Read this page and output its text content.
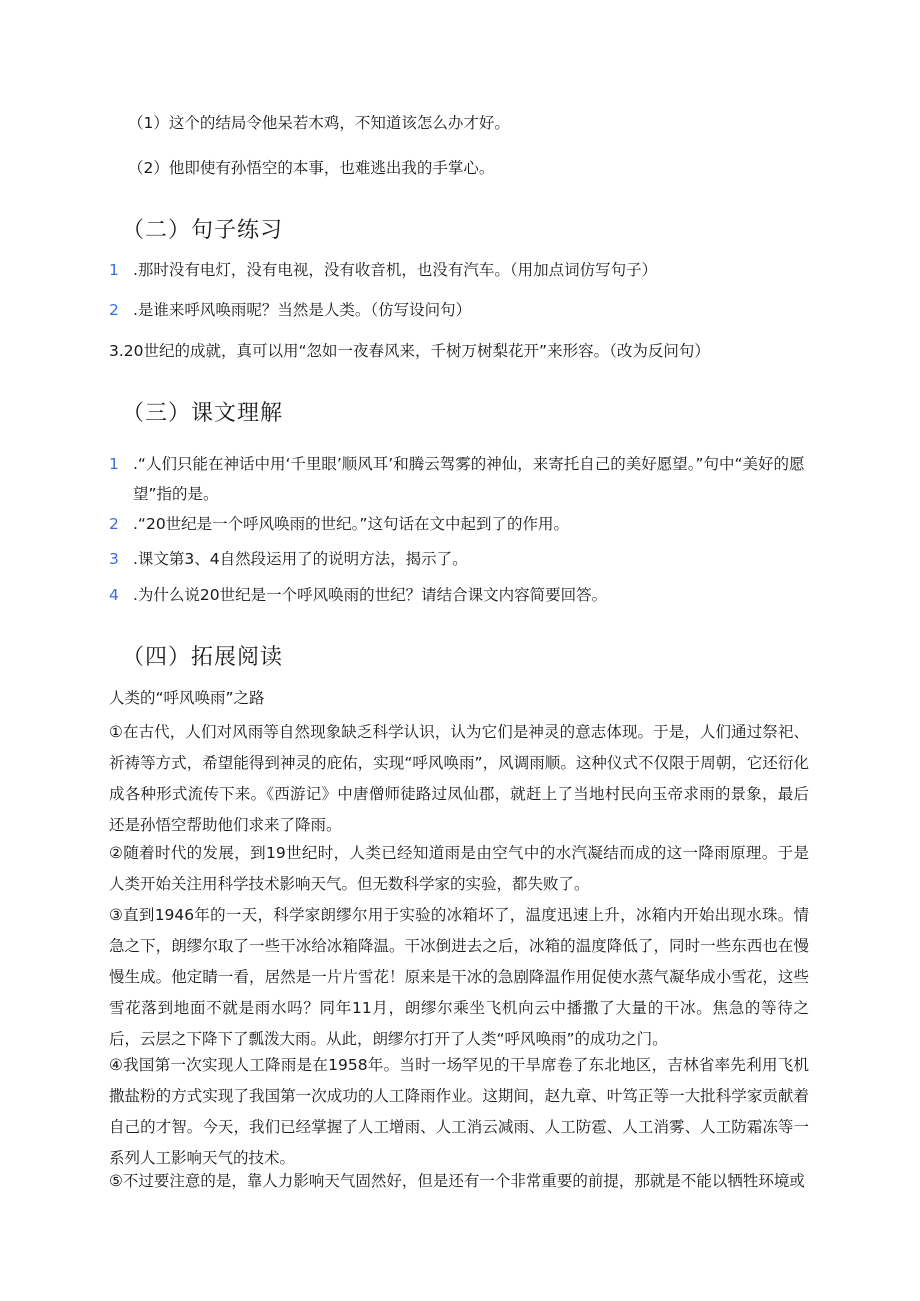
（1）这个的结局令他呆若木鸡，不知道该怎么办才好。
（2）他即使有孙悟空的本事，也难逃出我的手掌心。
（二）句子练习
1 .那时没有电灯，没有电视，没有收音机，也没有汽车。（用加点词仿写句子）
2 .是谁来呼风唤雨呢？当然是人类。（仿写设问句）
3.20世纪的成就，真可以用“忽如一夜春风来，千树万树梨花开”来形容。（改为反问句）
（三）课文理解
1 .“人们只能在神话中用‘千里眼’顺风耳’和腾云驾雾的神仙，来寄托自己的美好愿望。”句中“美好的愿望”指的是。
2 .“20世纪是一个呼风唤雨的世纪。”这句话在文中起到了的作用。
3 .课文第3、4自然段运用了的说明方法，揭示了。
4 .为什么说20世纪是一个呼风唤雨的世纪？请结合课文内容简要回答。
（四）拓展阅读
人类的“呼风唤雨”之路
①在古代，人们对风雨等自然现象缺乏科学认识，认为它们是神灵的意志体现。于是，人们通过祭祀、祈祷等方式，希望能得到神灵的庇佑，实现“呼风唤雨”，风调雨顺。这种仪式不仅限于周朝，它还衍化成各种形式流传下来。《西游记》中唐僧师徒路过凤仙郡，就赶上了当地村民向玉帝求雨的景象，最后还是孙悟空帮助他们求来了降雨。
②随着时代的发展，到19世纪时，人类已经知道雨是由空气中的水汽凝结而成的这一降雨原理。于是人类开始关注用科学技术影响天气。但无数科学家的实验，都失败了。
③直到1946年的一天，科学家朗缪尔用于实验的冰箱坏了，温度迅速上升，冰箱内开始出现水珠。情急之下，朗缪尔取了一些干冰给冰箱降温。干冰倒进去之后，冰箱的温度降低了，同时一些东西也在慢慢生成。他定睛一看，居然是一片片雪花！原来是干冰的急剧降温作用促使水蒸气凝华成小雪花，这些雪花落到地面不就是雨水吗？同年11月，朗缪尔乘坐飞机向云中播撒了大量的干冰。焦急的等待之后，云层之下降下了瓢泼大雨。从此，朗缪尔打开了人类“呼风唤雨”的成功之门。
④我国第一次实现人工降雨是在1958年。当时一场罕见的干旱席卷了东北地区，吉林省率先利用飞机撒盐粉的方式实现了我国第一次成功的人工降雨作业。这期间，赵九章、叶笃正等一大批科学家贡献着自己的才智。今天，我们已经掌握了人工增雨、人工消云减雨、人工防雹、人工消雾、人工防霜冻等一系列人工影响天气的技术。
⑤不过要注意的是，靠人力影响天气固然好，但是还有一个非常重要的前提，那就是不能以牺牲环境或
